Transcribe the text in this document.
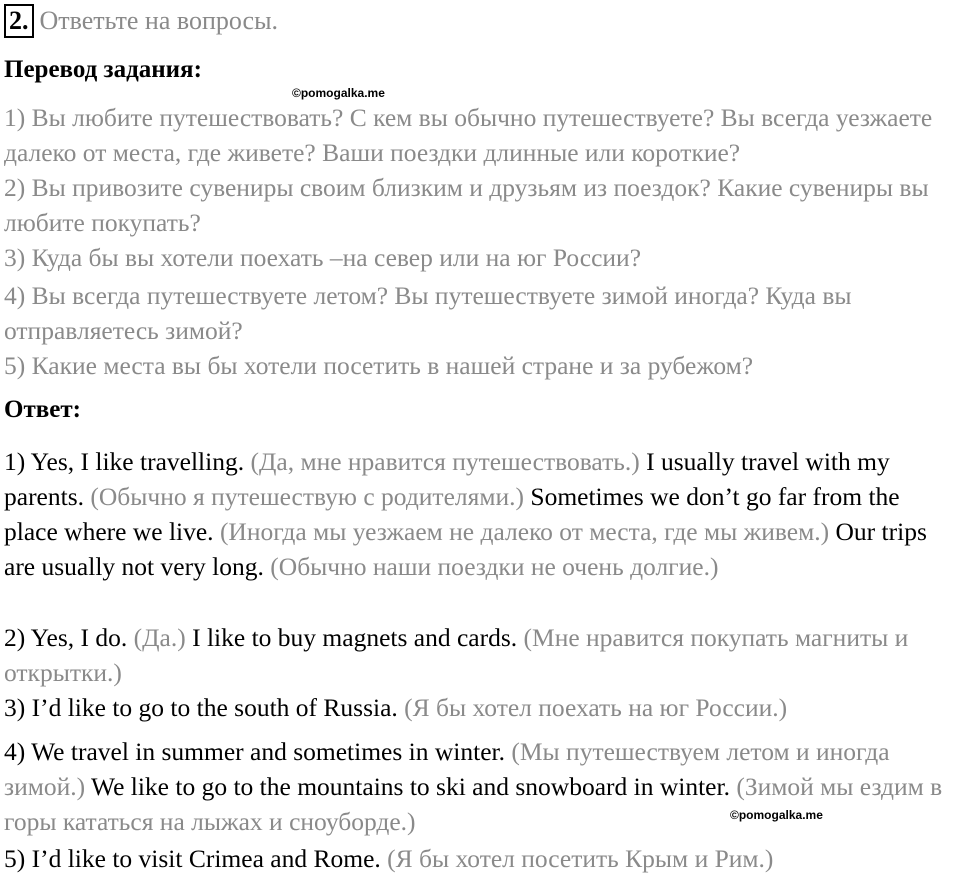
2. Ответьте на вопросы.
Перевод задания:
©pomogalka.me
1) Вы любите путешествовать? С кем вы обычно путешествуете? Вы всегда уезжаете далеко от места, где живете? Ваши поездки длинные или короткие?
2) Вы привозите сувениры своим близким и друзьям из поездок? Какие сувениры вы любите покупать?
3) Куда бы вы хотели поехать –на север или на юг России?
4) Вы всегда путешествуете летом? Вы путешествуете зимой иногда? Куда вы отправляетесь зимой?
5) Какие места вы бы хотели посетить в нашей стране и за рубежом?
Ответ:
1) Yes, I like travelling. (Да, мне нравится путешествовать.) I usually travel with my parents. (Обычно я путешествую с родителями.) Sometimes we don’t go far from the place where we live. (Иногда мы уезжаем не далеко от места, где мы живем.) Our trips are usually not very long. (Обычно наши поездки не очень долгие.)
2) Yes, I do. (Да.) I like to buy magnets and cards. (Мне нравится покупать магниты и открытки.)
3) I’d like to go to the south of Russia. (Я бы хотел поехать на юг России.)
4) We travel in summer and sometimes in winter. (Мы путешествуем летом и иногда зимой.) We like to go to the mountains to ski and snowboard in winter. (Зимой мы ездим в горы кататься на лыжах и сноуборде.)	©pomogalka.me
5) I’d like to visit Crimea and Rome. (Я бы хотел посетить Крым и Рим.)
